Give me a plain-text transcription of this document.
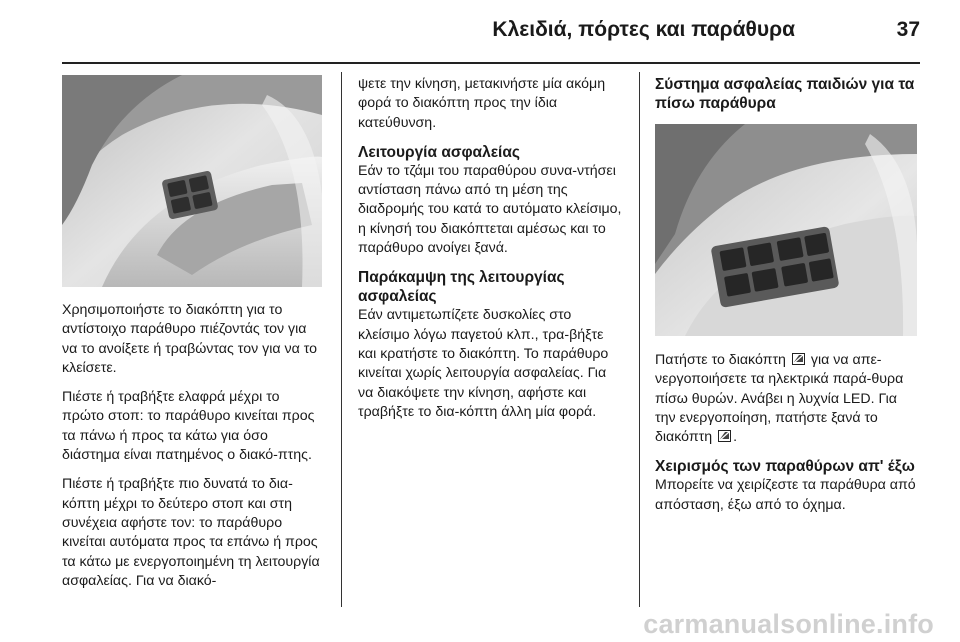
Κλειδιά, πόρτες και παράθυρα	37

Χρησιμοποιήστε το διακόπτη για το αντίστοιχο παράθυρο πιέζοντάς τον για να το ανοίξετε ή τραβώντας τον για να το κλείσετε.

Πιέστε ή τραβήξτε ελαφρά μέχρι το πρώτο στοπ: το παράθυρο κινείται προς τα πάνω ή προς τα κάτω για όσο διάστημα είναι πατημένος ο διακό-πτης.

Πιέστε ή τραβήξτε πιο δυνατά το δια-κόπτη μέχρι το δεύτερο στοπ και στη συνέχεια αφήστε τον: το παράθυρο κινείται αυτόματα προς τα επάνω ή προς τα κάτω με ενεργοποιημένη τη λειτουργία ασφαλείας. Για να διακό-

ψετε την κίνηση, μετακινήστε μία ακόμη φορά το διακόπτη προς την ίδια κατεύθυνση.

Λειτουργία ασφαλείας

Εάν το τζάμι του παραθύρου συνα-ντήσει αντίσταση πάνω από τη μέση της διαδρομής του κατά το αυτόματο κλείσιμο, η κίνησή του διακόπτεται αμέσως και το παράθυρο ανοίγει ξανά.

Παράκαμψη της λειτουργίας ασφαλείας

Εάν αντιμετωπίζετε δυσκολίες στο κλείσιμο λόγω παγετού κλπ., τρα-βήξτε και κρατήστε το διακόπτη. Το παράθυρο κινείται χωρίς λειτουργία ασφαλείας. Για να διακόψετε την κίνηση, αφήστε και τραβήξτε το δια-κόπτη άλλη μία φορά.

Σύστημα ασφαλείας παιδιών για τα πίσω παράθυρα

Πατήστε το διακόπτη για να απε-νεργοποιήσετε τα ηλεκτρικά παρά-θυρα πίσω θυρών. Ανάβει η λυχνία LED. Για την ενεργοποίηση, πατήστε ξανά το διακόπτη .

Χειρισμός των παραθύρων απ' έξω

Μπορείτε να χειρίζεστε τα παράθυρα από απόσταση, έξω από το όχημα.

carmanualsonline.info
